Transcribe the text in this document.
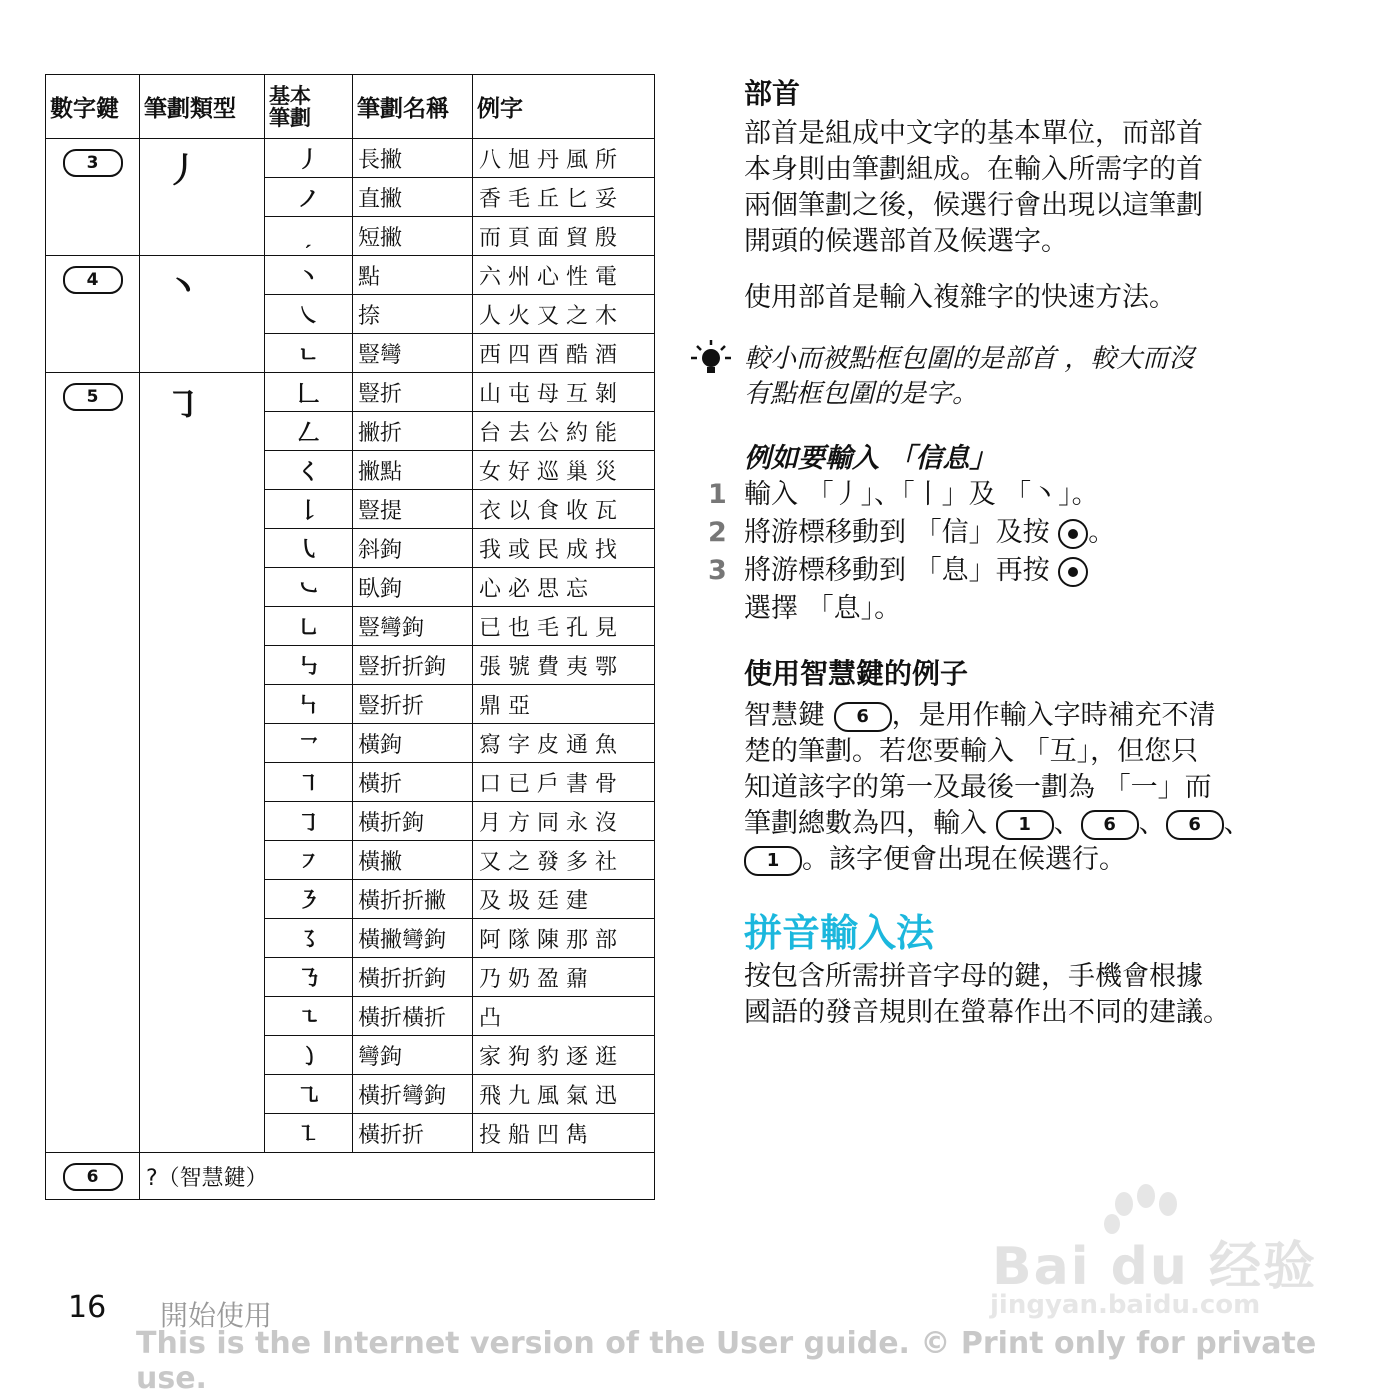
數字鍵	筆劃類型	基本
筆劃	筆劃名稱	例字
3	丿	丿	長撇	八旭丹風所
		ノ	直撇	香毛丘匕妥
		ˏ	短撇	而頁面貿殷
4	丶	丶	點	六州心性電
		㇏	捺	人火又之木
		ㄴ	豎彎	西四酉酷酒
5	㇆	𠃊	豎折	山屯母互剝
		𠃋	撇折	台去公約能
		く	撇點	女好巡巢災
		𠄌	豎提	衣以食收瓦
		㇂	斜鉤	我或民成找
		㇃	臥鉤	心必思忘
		㇟	豎彎鉤	已也毛孔見
		㇉	豎折折鉤	張號費夷鄂
		㇞	豎折折	鼎亞
		㇖	橫鉤	寫字皮通魚
		㇕	橫折	口已戶書骨
		㇆	橫折鉤	月方同永沒
		㇇	橫撇	又之發多社
		㇋	橫折折撇	及圾廷建
		㇌	橫撇彎鉤	阿隊陳那部
		㇡	橫折折鉤	乃奶盈鼐
		㇍	橫折橫折	凸
		㇁	彎鉤	家狗豹逐逛
		㇈	橫折彎鉤	飛九風氣迅
		㇅	橫折折	投船凹雋
6	?（智慧鍵）			
部首
部首是組成中文字的基本單位，而部首
本身則由筆劃組成。在輸入所需字的首
兩個筆劃之後，候選行會出現以這筆劃
開頭的候選部首及候選字。
使用部首是輸入複雜字的快速方法。
較小而被點框包圍的是部首 ，較大而沒
有點框包圍的是字。
例如要輸入 「信息」
1 輸入 「丿」、「丨」及 「丶」。
2 將游標移動到 「信」及按 。
3 將游標移動到 「息」再按
選擇 「息」。
使用智慧鍵的例子
智慧鍵 6 ，是用作輸入字時補充不清
楚的筆劃。若您要輸入 「互」，但您只
知道該字的第一及最後一劃為 「一」而
筆劃總數為四，輸入 1 、 6 、 6 、
1 。該字便會出現在候選行。
拼音輸入法
按包含所需拼音字母的鍵，手機會根據
國語的發音規則在螢幕作出不同的建議。
Bai du 经验
jingyan.baidu.com
16 開始使用
This is the Internet version of the User guide. © Print only for private use.
